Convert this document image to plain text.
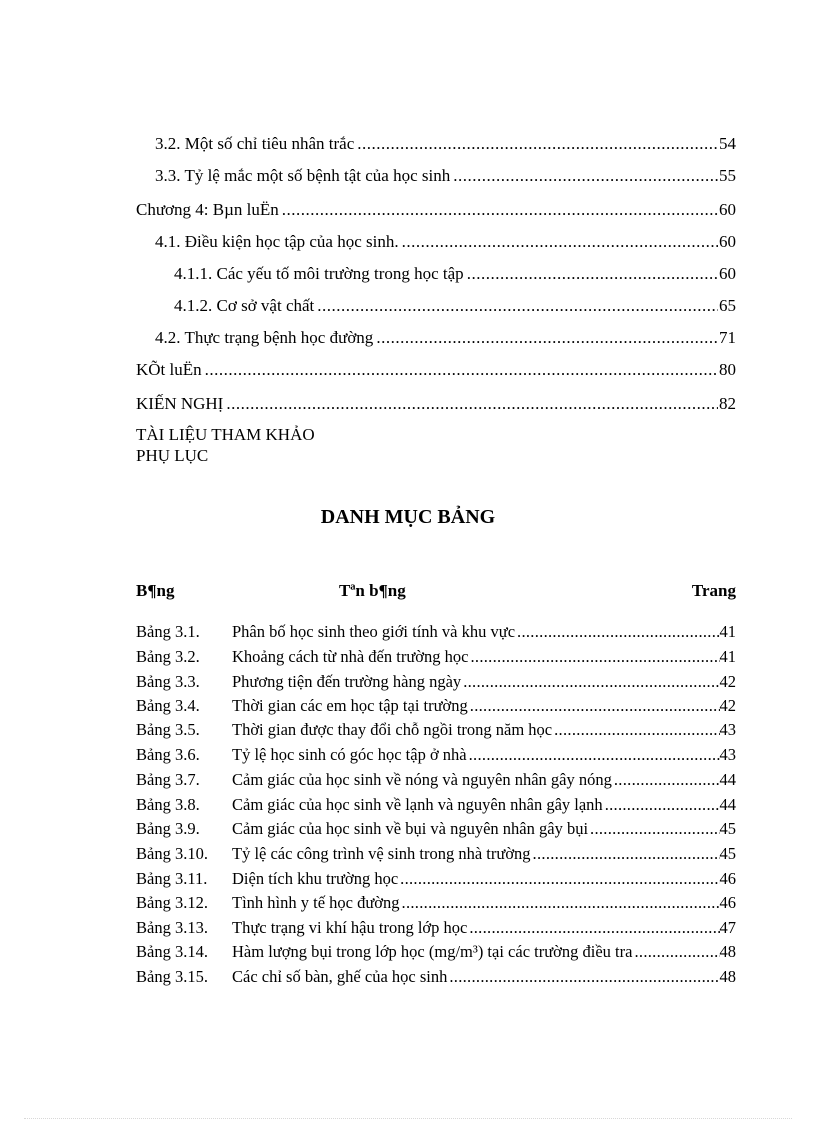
3.2. Một số chỉ tiêu nhân trắc .....	54
3.3. Tỷ lệ mắc một số bệnh tật của học sinh .....	55
Chương 4: Bµn luËn .....	60
4.1. Điều kiện học tập của học sinh. .....	60
4.1.1. Các yếu tố môi trường trong học tập .....	60
4.1.2. Cơ sở vật chất .....	65
4.2. Thực trạng bệnh học đường .....	71
KÕt luËn .....	80
KIẾN NGHỊ .....	82
TÀI LIỆU THAM KHẢO
PHỤ LỤC
DANH MỤC BẢNG
B¶ng	Tªn b¶ng	Trang
Bảng 3.1.	Phân bố học sinh theo giới tính và khu vực .....	41
Bảng 3.2.	Khoảng cách từ nhà đến trường học .....	41
Bảng 3.3.	Phương tiện đến trường hàng ngày .....	42
Bảng 3.4.	Thời gian các em học tập tại trường .....	42
Bảng 3.5.	Thời gian được thay đổi chỗ ngồi trong năm học .....	43
Bảng 3.6.	Tỷ lệ học sinh có góc học tập ở nhà .....	43
Bảng 3.7.	Cảm giác của học sinh về nóng và nguyên nhân gây nóng .....	44
Bảng 3.8.	Cảm giác của học sinh về lạnh và nguyên nhân gây lạnh .....	44
Bảng 3.9.	Cảm giác của học sinh về bụi và nguyên nhân gây bụi .....	45
Bảng 3.10.	Tỷ lệ các công trình vệ sinh trong nhà trường .....	45
Bảng 3.11.	Diện tích khu trường học .....	46
Bảng 3.12.	Tình hình y tế học đường .....	46
Bảng 3.13.	Thực trạng vi khí hậu trong lớp học .....	47
Bảng 3.14.	Hàm lượng bụi trong lớp học (mg/m³) tại các trường điều tra .....	48
Bảng 3.15.	Các chỉ số bàn, ghế của học sinh .....	48
